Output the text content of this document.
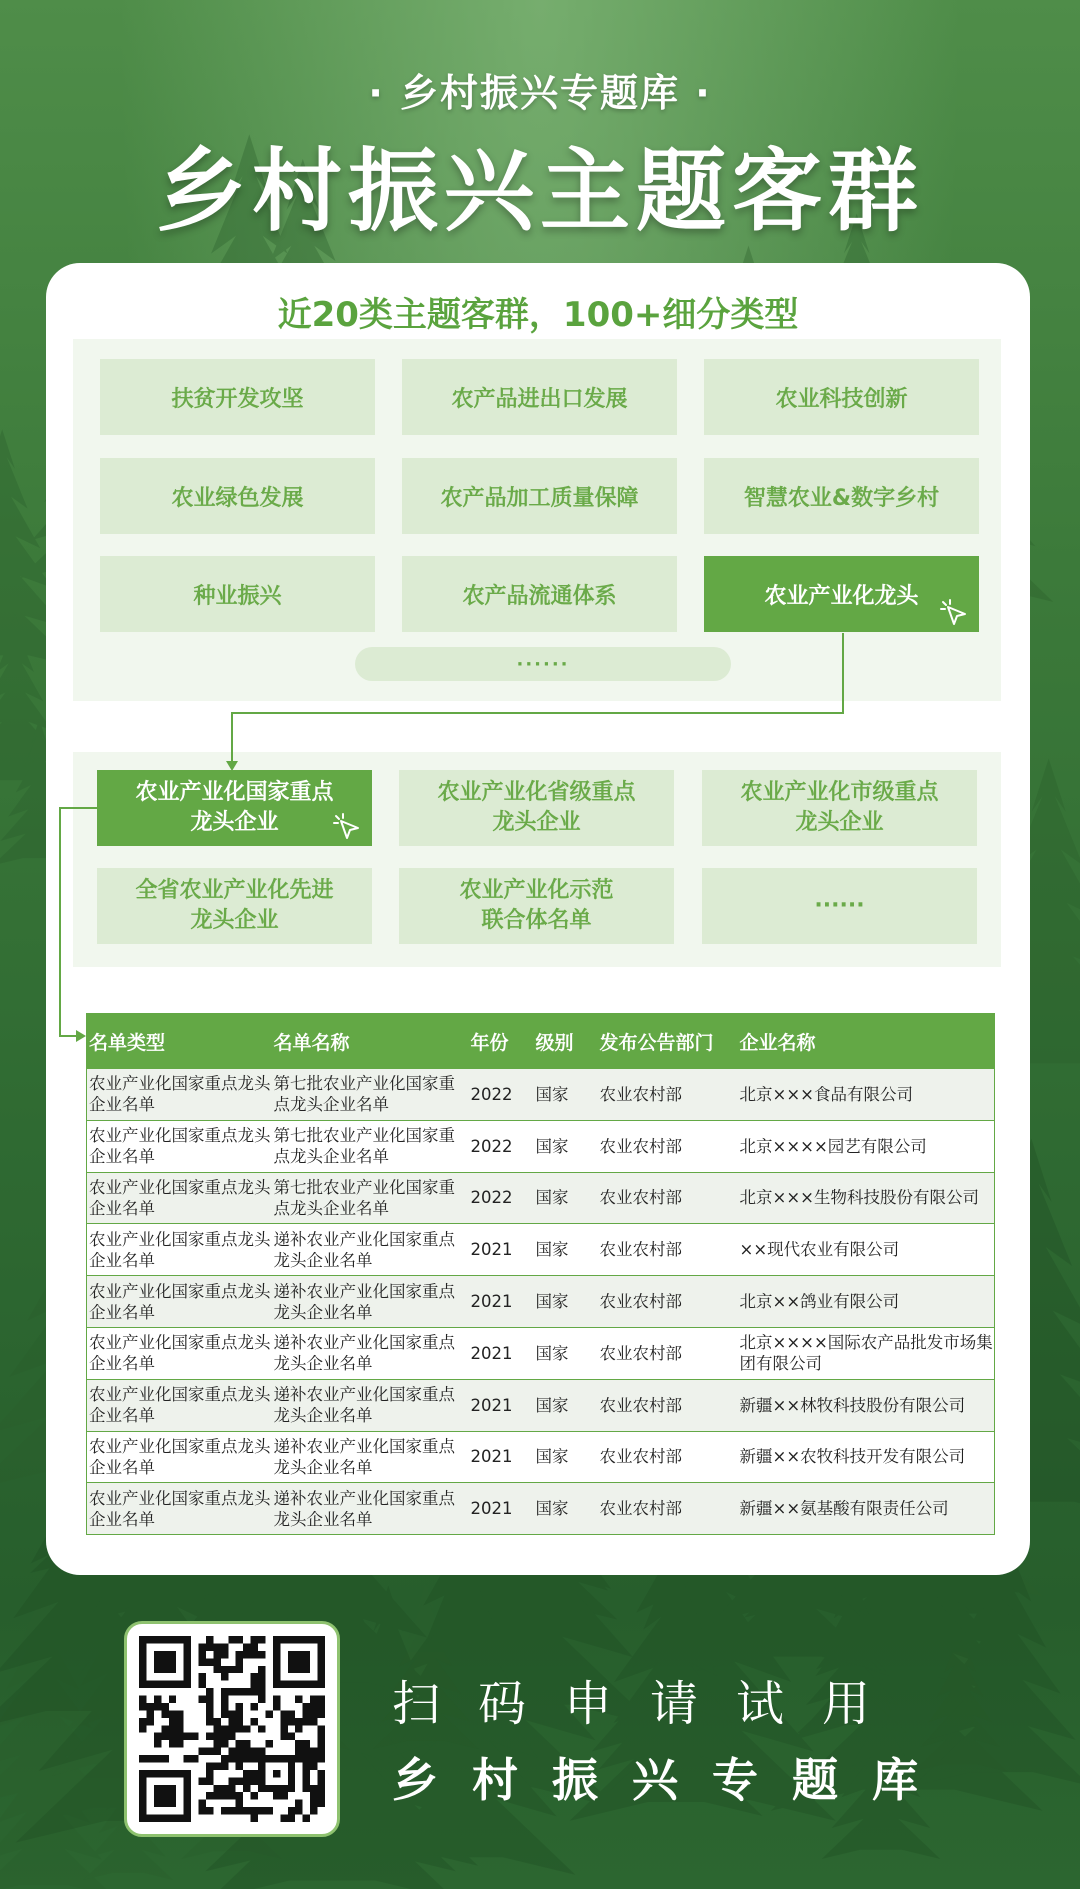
· 乡村振兴专题库 ·
乡村振兴主题客群
近20类主题客群，100+细分类型
扶贫开发攻坚	农产品进出口发展	农业科技创新
农业绿色发展	农产品加工质量保障	智慧农业&数字乡村
种业振兴	农产品流通体系	农业产业化龙头
······
农业产业化国家重点
龙头企业
农业产业化省级重点
龙头企业
农业产业化市级重点
龙头企业
全省农业产业化先进
龙头企业
农业产业化示范
联合体名单
······
名单类型	名单名称	年份	级别	发布公告部门	企业名称
农业产业化国家重点龙头企业名单	第七批农业产业化国家重点龙头企业名单	2022	国家	农业农村部	北京×××食品有限公司
农业产业化国家重点龙头企业名单	第七批农业产业化国家重点龙头企业名单	2022	国家	农业农村部	北京××××园艺有限公司
农业产业化国家重点龙头企业名单	第七批农业产业化国家重点龙头企业名单	2022	国家	农业农村部	北京×××生物科技股份有限公司
农业产业化国家重点龙头企业名单	递补农业产业化国家重点龙头企业名单	2021	国家	农业农村部	××现代农业有限公司
农业产业化国家重点龙头企业名单	递补农业产业化国家重点龙头企业名单	2021	国家	农业农村部	北京××鸽业有限公司
农业产业化国家重点龙头企业名单	递补农业产业化国家重点龙头企业名单	2021	国家	农业农村部	北京××××国际农产品批发市场集团有限公司
农业产业化国家重点龙头企业名单	递补农业产业化国家重点龙头企业名单	2021	国家	农业农村部	新疆××林牧科技股份有限公司
农业产业化国家重点龙头企业名单	递补农业产业化国家重点龙头企业名单	2021	国家	农业农村部	新疆××农牧科技开发有限公司
农业产业化国家重点龙头企业名单	递补农业产业化国家重点龙头企业名单	2021	国家	农业农村部	新疆××氨基酸有限责任公司
扫码申请试用
乡村振兴专题库
